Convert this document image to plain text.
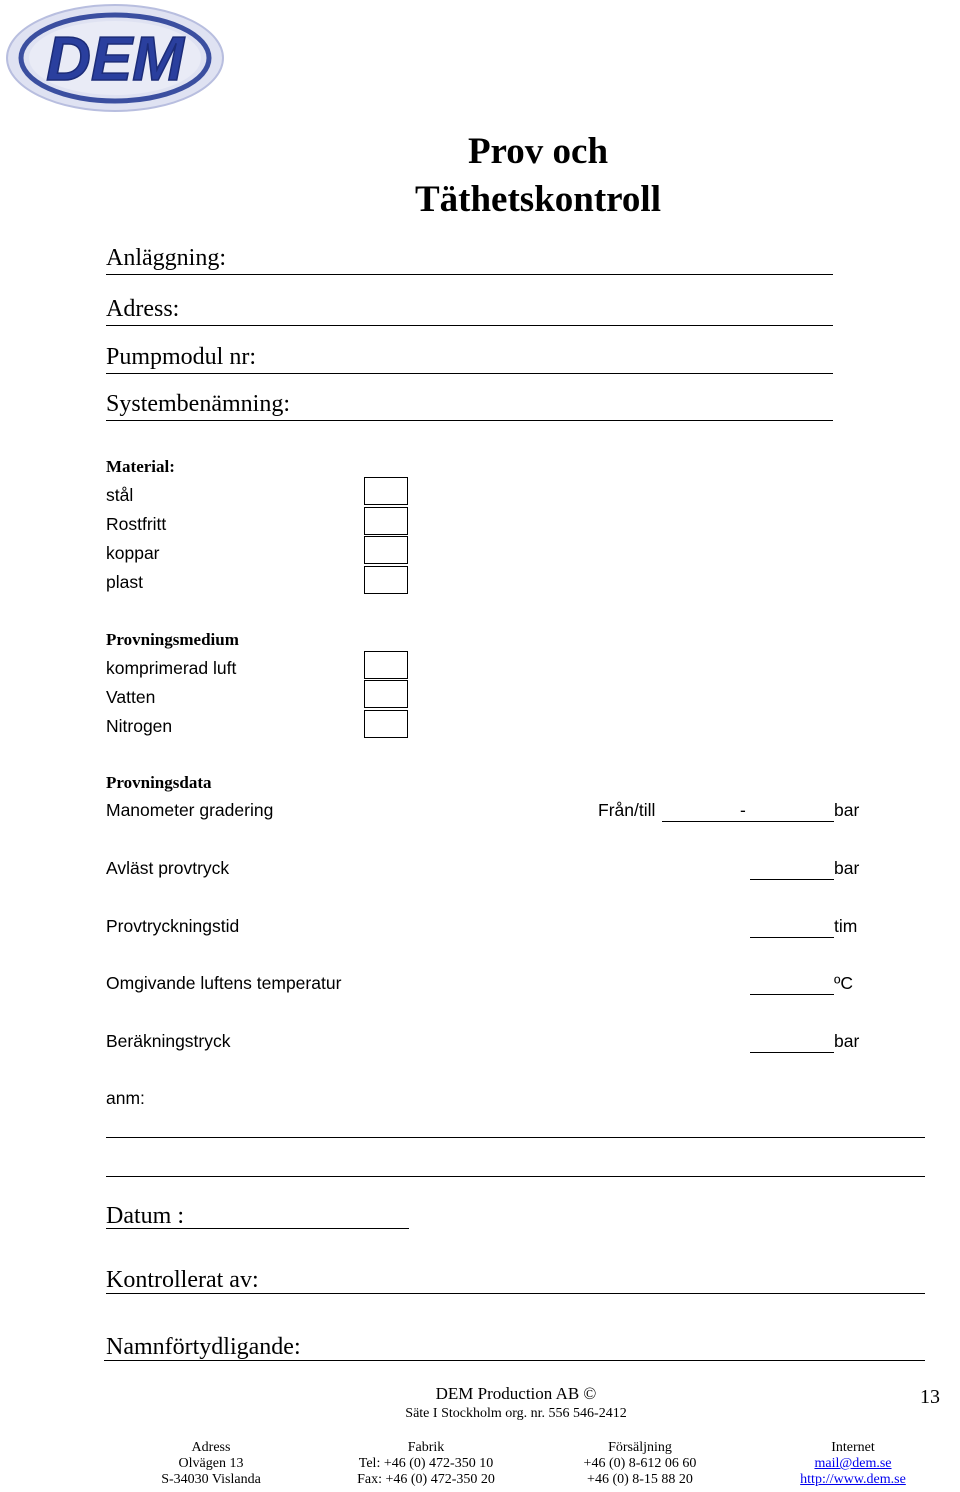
DEM
Prov och
Täthetskontroll
Anläggning:
Adress:
Pumpmodul nr:
Systembenämning:
Material:
stål
Rostfritt
koppar
plast
Provningsmedium
komprimerad luft
Vatten
Nitrogen
Provningsdata
Manometer gradering	Från/till	-	bar
Avläst provtryck	bar
Provtryckningstid	tim
Omgivande luftens temperatur	ºC
Beräkningstryck	bar
anm:
Datum :
Kontrollerat av:
Namnförtydligande:
DEM Production AB ©
Säte I Stockholm org. nr. 556 546-2412
13
Adress
Olvägen 13
S-34030 Vislanda
Fabrik
Tel: +46 (0) 472-350 10
Fax: +46 (0) 472-350 20
Försäljning
+46 (0) 8-612 06 60
+46 (0) 8-15 88 20
Internet
mail@dem.se
http://www.dem.se
